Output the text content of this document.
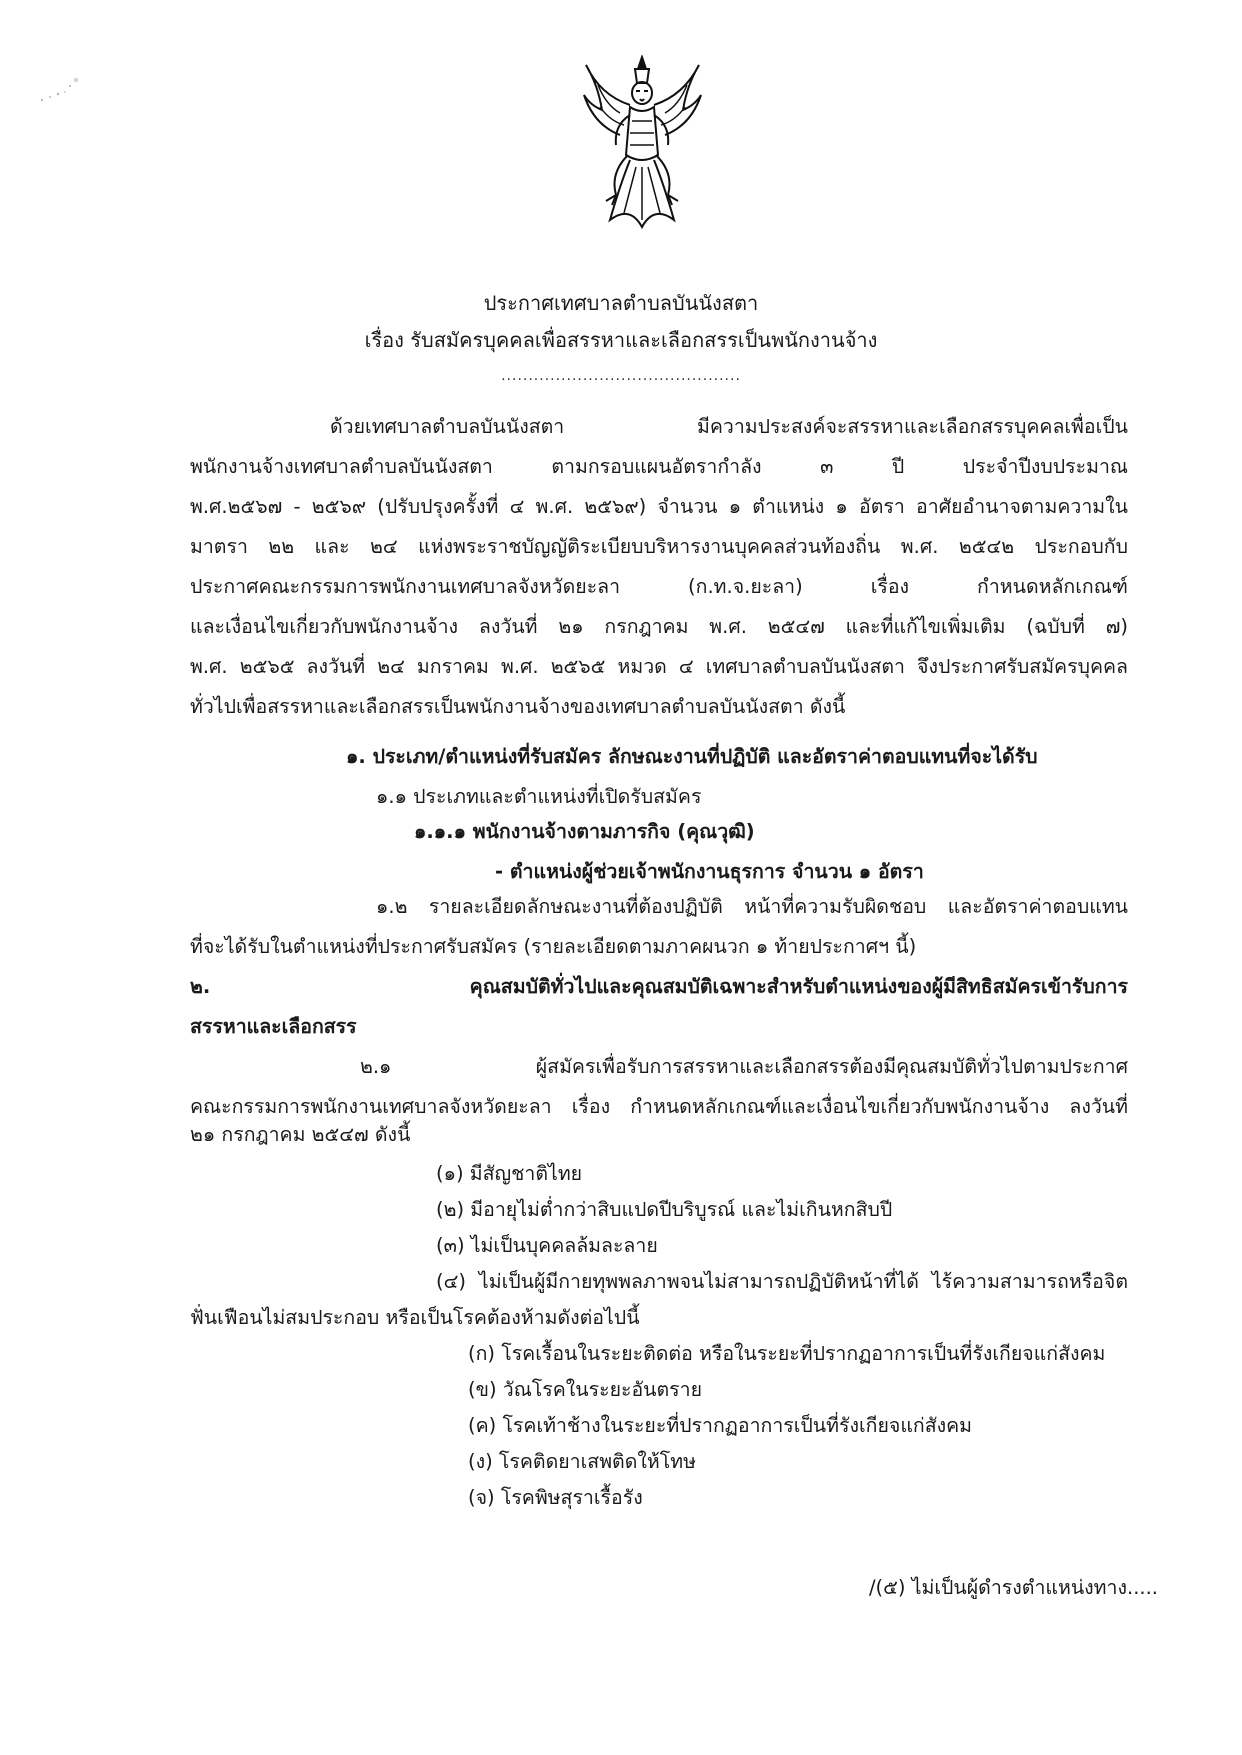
ประกาศเทศบาลตำบลบันนังสตา
เรื่อง รับสมัครบุคคลเพื่อสรรหาและเลือกสรรเป็นพนักงานจ้าง
............................................
ด้วยเทศบาลตำบลบันนังสตา มีความประสงค์จะสรรหาและเลือกสรรบุคคลเพื่อเป็น
พนักงานจ้างเทศบาลตำบลบันนังสตา ตามกรอบแผนอัตรากำลัง ๓ ปี ประจำปีงบประมาณ
พ.ศ.๒๕๖๗ - ๒๕๖๙ (ปรับปรุงครั้งที่ ๔ พ.ศ. ๒๕๖๙) จำนวน ๑ ตำแหน่ง ๑ อัตรา อาศัยอำนาจตามความใน
มาตรา ๒๒ และ ๒๔ แห่งพระราชบัญญัติระเบียบบริหารงานบุคคลส่วนท้องถิ่น พ.ศ. ๒๕๔๒ ประกอบกับ
ประกาศคณะกรรมการพนักงานเทศบาลจังหวัดยะลา (ก.ท.จ.ยะลา) เรื่อง กำหนดหลักเกณฑ์
และเงื่อนไขเกี่ยวกับพนักงานจ้าง ลงวันที่ ๒๑ กรกฎาคม พ.ศ. ๒๕๔๗ และที่แก้ไขเพิ่มเติม (ฉบับที่ ๗)
พ.ศ. ๒๕๖๕ ลงวันที่ ๒๔ มกราคม พ.ศ. ๒๕๖๕ หมวด ๔ เทศบาลตำบลบันนังสตา จึงประกาศรับสมัครบุคคล
ทั่วไปเพื่อสรรหาและเลือกสรรเป็นพนักงานจ้างของเทศบาลตำบลบันนังสตา ดังนี้
๑. ประเภท/ตำแหน่งที่รับสมัคร ลักษณะงานที่ปฏิบัติ และอัตราค่าตอบแทนที่จะได้รับ
๑.๑ ประเภทและตำแหน่งที่เปิดรับสมัคร
๑.๑.๑ พนักงานจ้างตามภารกิจ (คุณวุฒิ)
- ตำแหน่งผู้ช่วยเจ้าพนักงานธุรการ จำนวน ๑ อัตรา
๑.๒ รายละเอียดลักษณะงานที่ต้องปฏิบัติ หน้าที่ความรับผิดชอบ และอัตราค่าตอบแทน
ที่จะได้รับในตำแหน่งที่ประกาศรับสมัคร (รายละเอียดตามภาคผนวก ๑ ท้ายประกาศฯ นี้)
๒. คุณสมบัติทั่วไปและคุณสมบัติเฉพาะสำหรับตำแหน่งของผู้มีสิทธิสมัครเข้ารับการ
สรรหาและเลือกสรร
๒.๑ ผู้สมัครเพื่อรับการสรรหาและเลือกสรรต้องมีคุณสมบัติทั่วไปตามประกาศ
คณะกรรมการพนักงานเทศบาลจังหวัดยะลา เรื่อง กำหนดหลักเกณฑ์และเงื่อนไขเกี่ยวกับพนักงานจ้าง ลงวันที่
๒๑ กรกฎาคม ๒๕๔๗ ดังนี้
(๑) มีสัญชาติไทย
(๒) มีอายุไม่ต่ำกว่าสิบแปดปีบริบูรณ์ และไม่เกินหกสิบปี
(๓) ไม่เป็นบุคคลล้มละลาย
(๔) ไม่เป็นผู้มีกายทุพพลภาพจนไม่สามารถปฏิบัติหน้าที่ได้ ไร้ความสามารถหรือจิต
ฟั่นเฟือนไม่สมประกอบ หรือเป็นโรคต้องห้ามดังต่อไปนี้
(ก) โรคเรื้อนในระยะติดต่อ หรือในระยะที่ปรากฏอาการเป็นที่รังเกียจแก่สังคม
(ข) วัณโรคในระยะอันตราย
(ค) โรคเท้าช้างในระยะที่ปรากฏอาการเป็นที่รังเกียจแก่สังคม
(ง) โรคติดยาเสพติดให้โทษ
(จ) โรคพิษสุราเรื้อรัง
/(๕) ไม่เป็นผู้ดำรงตำแหน่งทาง.....
